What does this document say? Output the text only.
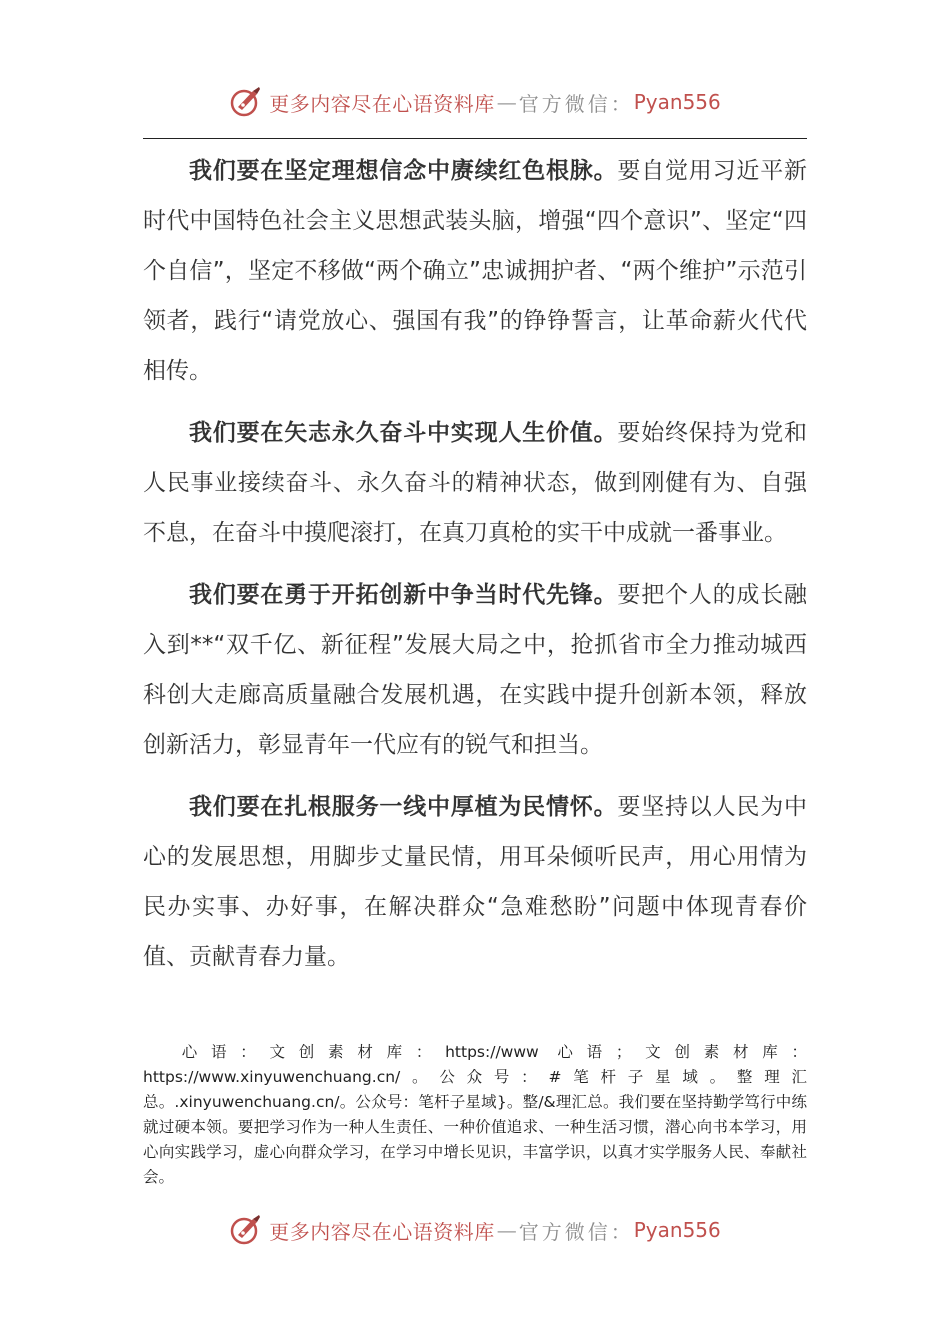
更多内容尽在心语资料库 — 官方微信： Pyan556

我们要在坚定理想信念中赓续红色根脉。要自觉用习近平新时代中国特色社会主义思想武装头脑，增强“四个意识”、坚定“四个自信”，坚定不移做“两个确立”忠诚拥护者、“两个维护”示范引领者，践行“请党放心、强国有我”的铮铮誓言，让革命薪火代代相传。

我们要在矢志永久奋斗中实现人生价值。要始终保持为党和人民事业接续奋斗、永久奋斗的精神状态，做到刚健有为、自强不息，在奋斗中摸爬滚打，在真刀真枪的实干中成就一番事业。

我们要在勇于开拓创新中争当时代先锋。要把个人的成长融入到**“双千亿、新征程”发展大局之中，抢抓省市全力推动城西科创大走廊高质量融合发展机遇，在实践中提升创新本领，释放创新活力，彰显青年一代应有的锐气和担当。

我们要在扎根服务一线中厚植为民情怀。要坚持以人民为中心的发展思想，用脚步丈量民情，用耳朵倾听民声，用心用情为民办实事、办好事，在解决群众“急难愁盼”问题中体现青春价值、贡献青春力量。

心语：文创素材库：https://www 心语；文创素材库：https://www.xinyuwenchuang.cn/。公众号：#笔杆子星域。整理汇总。.xinyuwenchuang.cn/。公众号：笔杆子星域}。整/&理汇总。我们要在坚持勤学笃行中练就过硬本领。要把学习作为一种人生责任、一种价值追求、一种生活习惯，潜心向书本学习，用心向实践学习，虚心向群众学习，在学习中增长见识，丰富学识，以真才实学服务人民、奉献社会。
更多内容尽在心语资料库 — 官方微信： Pyan556
